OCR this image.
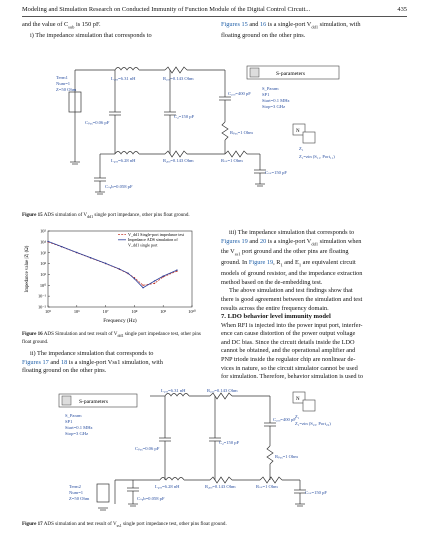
Modeling and Simulation Research on Conducted Immunity of Function Module of the Digital Control Circuit...	435
and the value of $C_{sub}$ is 150 pF.
i) The impedance simulation that corresponds to
Figures 15 and 16 is a single-port $V_{dd1}$ simulation, with
floating ground on the other pins.
S-parameters
S_Param
SP1
Start=0.1 MHz
Stop=3 GHz
N
Z₁
Z₁=zin (S₁₁, Port₁₁)
Term1
Num=1
Z=50 Ohm
L₁ₒₒ=6.31 nH	R₁ₒₒ=0.143 Ohm
C₁ₒₒ=400 pF
Cₚₐₓ=0.06 pF
C₂=150 pF
Rₚₐₓ=1 Ohm
L₂ₒₒ=6.28 nH	R₂ₒₒ=0.143 Ohm	Rₛₛ=1 Ohm
Cₛₛ=150 pF
Cₛᵤb=0.058 pF
Figure 15 ADS simulation of $V_{dd1}$ single port impedance, other pins float ground.
10⁵
10⁴
10³
10²
10¹
10⁰
10⁻¹
10⁻²
10⁵	10⁶	10⁷	10⁸	10⁹	10¹⁰
V_dd1 Single-port impedance test
Impedance ADS simulation of
V_dd1 single port
Frequency (Hz)
Impedance value |Z| (Ω)
Figure 16 ADS Simulation and test result of $V_{dd1}$ single port impedance test, other pins float ground.
ii) The impedance simulation that corresponds to
Figures 17 and 18 is a single-port Vss1 simulation, with
floating ground on the other pins.
iii) The impedance simulation that corresponds to
Figures 19 and 20 is a single-port $V_{dd1}$ simulation when
the $V_{ss1}$ port ground and the other pins are floating
ground. In Figure 19, $R_1$ and $E_1$ are equivalent circuit
models of ground resistor, and the impedance extraction
method based on the de-embedding test.
The above simulation and test findings show that
there is good agreement between the simulation and test
results across the entire frequency domain.
7. LDO behavior level immunity model
When RFI is injected into the power input port, interfer-
ence can cause distortion of the power output voltage
and DC bias. Since the circuit details inside the LDO
cannot be obtained, and the operational amplifier and
PNP triode inside the regulator chip are nonlinear de-
vices in nature, so the circuit simulator cannot be used
for simulation. Therefore, behavior simulation is used to
S-parameters
S_Param
SP1
Start=0.1 MHz
Stop=3 GHz
N
Z₁
Z₁=zin (S₂₂, Port₂₂)
L₁ₒₒ=6.31 nH	R₁ₒₒ=0.143 Ohm
C₁ₒₒ=400 pF
Cₚₐₓ=0.06 pF
C₂=150 pF
Rₚₐₓ=1 Ohm
L₂ₒₒ=6.28 nH	R₂ₒₒ=0.143 Ohm	Rₛₛ=1 Ohm
Cₛₛ=150 pF
Cₛᵤb=0.058 pF
Term2
Num=1
Z=50 Ohm
Figure 17 ADS simulation and test result of $V_{ss1}$ single port impedance test, other pins float ground.
